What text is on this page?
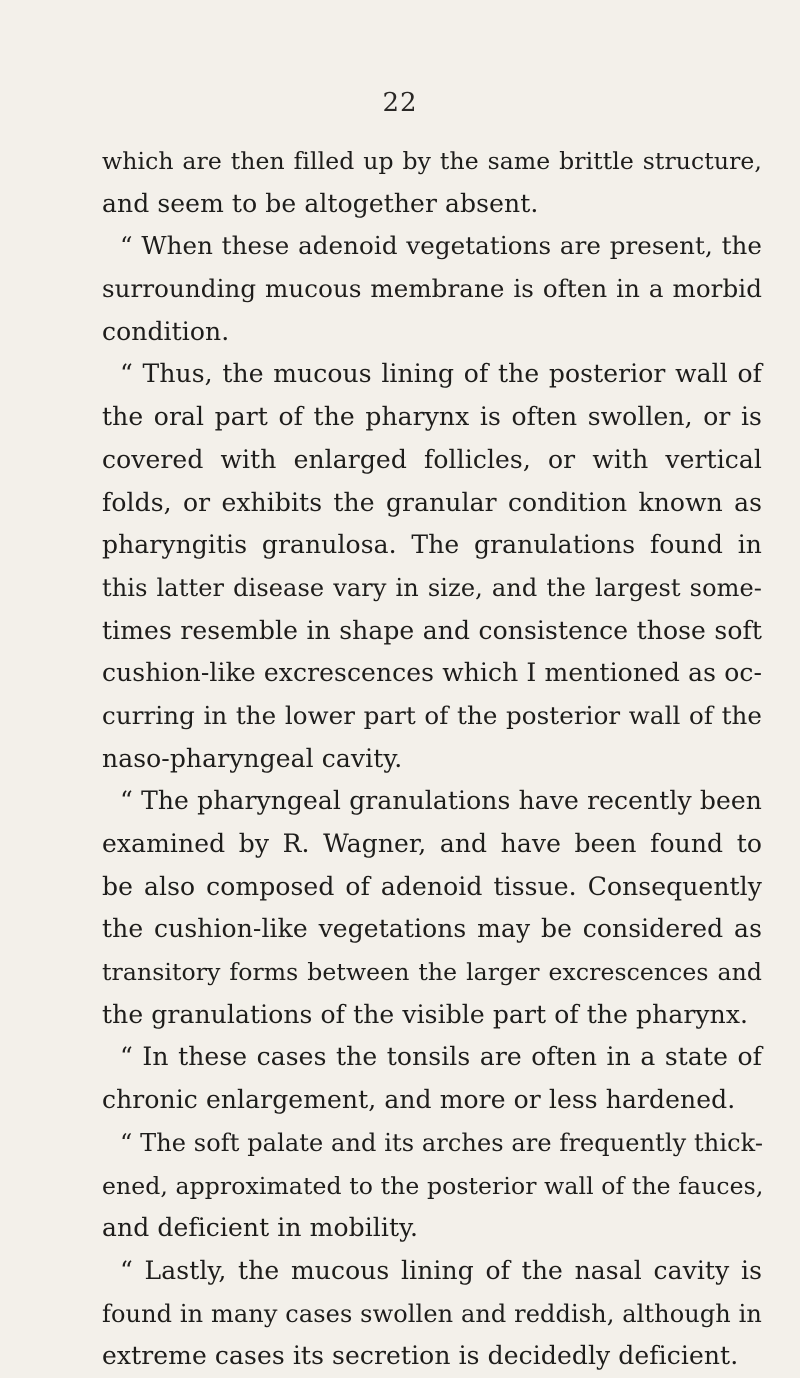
22
which are then filled up by the same brittle structure,
and seem to be altogether absent.
“ When these adenoid vegetations are present, the
surrounding mucous membrane is often in a morbid
condition.
“ Thus, the mucous lining of the posterior wall of
the oral part of the pharynx is often swollen, or is
covered with enlarged follicles, or with vertical
folds, or exhibits the granular condition known as
pharyngitis granulosa. The granulations found in
this latter disease vary in size, and the largest some-
times resemble in shape and consistence those soft
cushion-like excrescences which I mentioned as oc-
curring in the lower part of the posterior wall of the
naso-pharyngeal cavity.
“ The pharyngeal granulations have recently been
examined by R. Wagner, and have been found to
be also composed of adenoid tissue. Consequently
the cushion-like vegetations may be considered as
transitory forms between the larger excrescences and
the granulations of the visible part of the pharynx.
“ In these cases the tonsils are often in a state of
chronic enlargement, and more or less hardened.
“ The soft palate and its arches are frequently thick-
ened, approximated to the posterior wall of the fauces,
and deficient in mobility.
“ Lastly, the mucous lining of the nasal cavity is
found in many cases swollen and reddish, although in
extreme cases its secretion is decidedly deficient.
